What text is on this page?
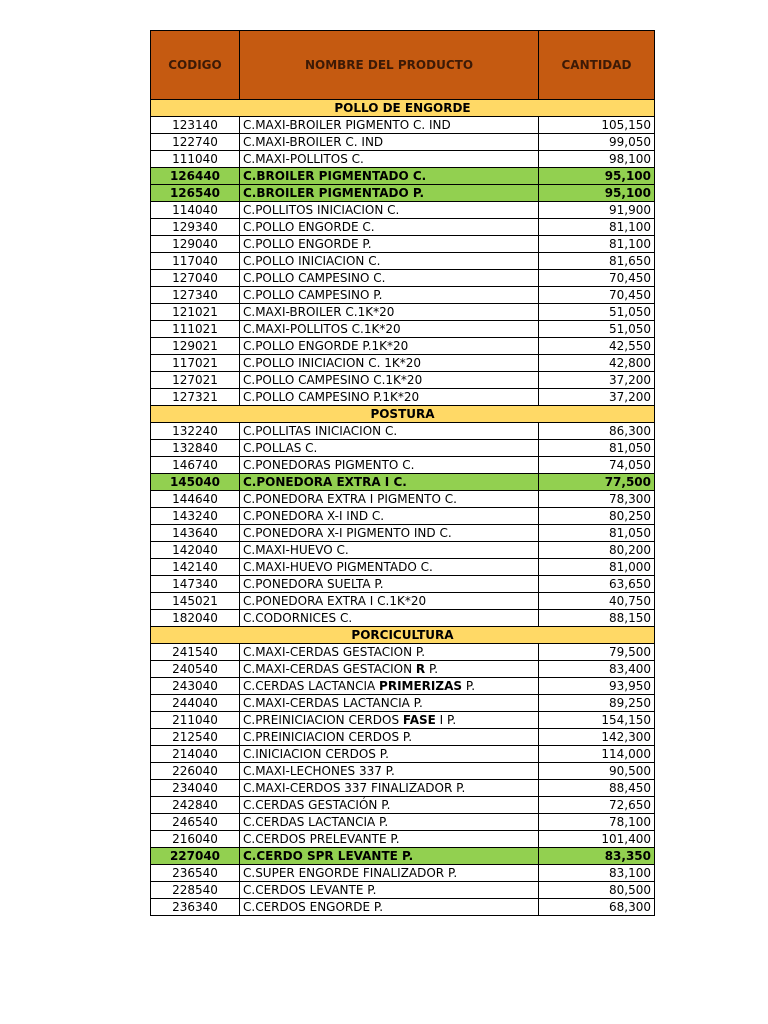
CODIGO	NOMBRE DEL PRODUCTO	CANTIDAD
POLLO DE ENGORDE		
123140	C.MAXI-BROILER PIGMENTO C. IND	105,150
122740	C.MAXI-BROILER C. IND	99,050
111040	C.MAXI-POLLITOS C.	98,100
126440	C.BROILER PIGMENTADO C.	95,100
126540	C.BROILER PIGMENTADO P.	95,100
114040	C.POLLITOS INICIACION C.	91,900
129340	C.POLLO ENGORDE C.	81,100
129040	C.POLLO ENGORDE P.	81,100
117040	C.POLLO INICIACION C.	81,650
127040	C.POLLO CAMPESINO C.	70,450
127340	C.POLLO CAMPESINO P.	70,450
121021	C.MAXI-BROILER C.1K*20	51,050
111021	C.MAXI-POLLITOS C.1K*20	51,050
129021	C.POLLO ENGORDE P.1K*20	42,550
117021	C.POLLO INICIACION C. 1K*20	42,800
127021	C.POLLO CAMPESINO C.1K*20	37,200
127321	C.POLLO CAMPESINO P.1K*20	37,200
POSTURA		
132240	C.POLLITAS INICIACION C.	86,300
132840	C.POLLAS C.	81,050
146740	C.PONEDORAS PIGMENTO C.	74,050
145040	C.PONEDORA EXTRA I C.	77,500
144640	C.PONEDORA EXTRA I PIGMENTO C.	78,300
143240	C.PONEDORA X-I IND C.	80,250
143640	C.PONEDORA X-I PIGMENTO IND C.	81,050
142040	C.MAXI-HUEVO C.	80,200
142140	C.MAXI-HUEVO PIGMENTADO C.	81,000
147340	C.PONEDORA SUELTA P.	63,650
145021	C.PONEDORA EXTRA I C.1K*20	40,750
182040	C.CODORNICES C.	88,150
PORCICULTURA		
241540	C.MAXI-CERDAS GESTACION P.	79,500
240540	C.MAXI-CERDAS GESTACION R P.	83,400
243040	C.CERDAS LACTANCIA PRIMERIZAS P.	93,950
244040	C.MAXI-CERDAS LACTANCIA P.	89,250
211040	C.PREINICIACION CERDOS FASE I P.	154,150
212540	C.PREINICIACION CERDOS P.	142,300
214040	C.INICIACION CERDOS P.	114,000
226040	C.MAXI-LECHONES 337 P.	90,500
234040	C.MAXI-CERDOS 337 FINALIZADOR P.	88,450
242840	C.CERDAS GESTACIÓN P.	72,650
246540	C.CERDAS LACTANCIA P.	78,100
216040	C.CERDOS PRELEVANTE P.	101,400
227040	C.CERDO SPR LEVANTE P.	83,350
236540	C.SUPER ENGORDE FINALIZADOR P.	83,100
228540	C.CERDOS LEVANTE P.	80,500
236340	C.CERDOS ENGORDE P.	68,300
